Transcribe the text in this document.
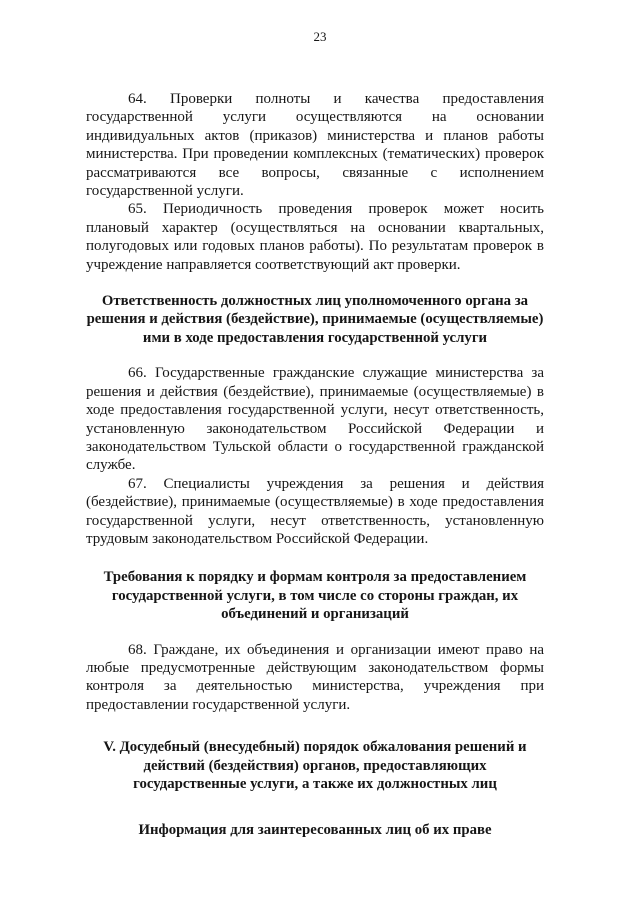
23

64. Проверки полноты и качества предоставления государственной услуги осуществляются на основании индивидуальных актов (приказов) министерства и планов работы министерства. При проведении комплексных (тематических) проверок рассматриваются все вопросы, связанные с исполнением государственной услуги.

65. Периодичность проведения проверок может носить плановый характер (осуществляться на основании квартальных, полугодовых или годовых планов работы). По результатам проверок в учреждение направляется соответствующий акт проверки.

Ответственность должностных лиц уполномоченного органа за решения и действия (бездействие), принимаемые (осуществляемые) ими в ходе предоставления государственной услуги

66. Государственные гражданские служащие министерства за решения и действия (бездействие), принимаемые (осуществляемые) в ходе предоставления государственной услуги, несут ответственность, установленную законодательством Российской Федерации и законодательством Тульской области о государственной гражданской службе.

67. Специалисты учреждения за решения и действия (бездействие), принимаемые (осуществляемые) в ходе предоставления государственной услуги, несут ответственность, установленную трудовым законодательством Российской Федерации.

Требования к порядку и формам контроля за предоставлением государственной услуги, в том числе со стороны граждан, их объединений и организаций

68. Граждане, их объединения и организации имеют право на любые предусмотренные действующим законодательством формы контроля за деятельностью министерства, учреждения при предоставлении государственной услуги.

V. Досудебный (внесудебный) порядок обжалования решений и действий (бездействия) органов, предоставляющих государственные услуги, а также их должностных лиц
Информация для заинтересованных лиц об их праве
